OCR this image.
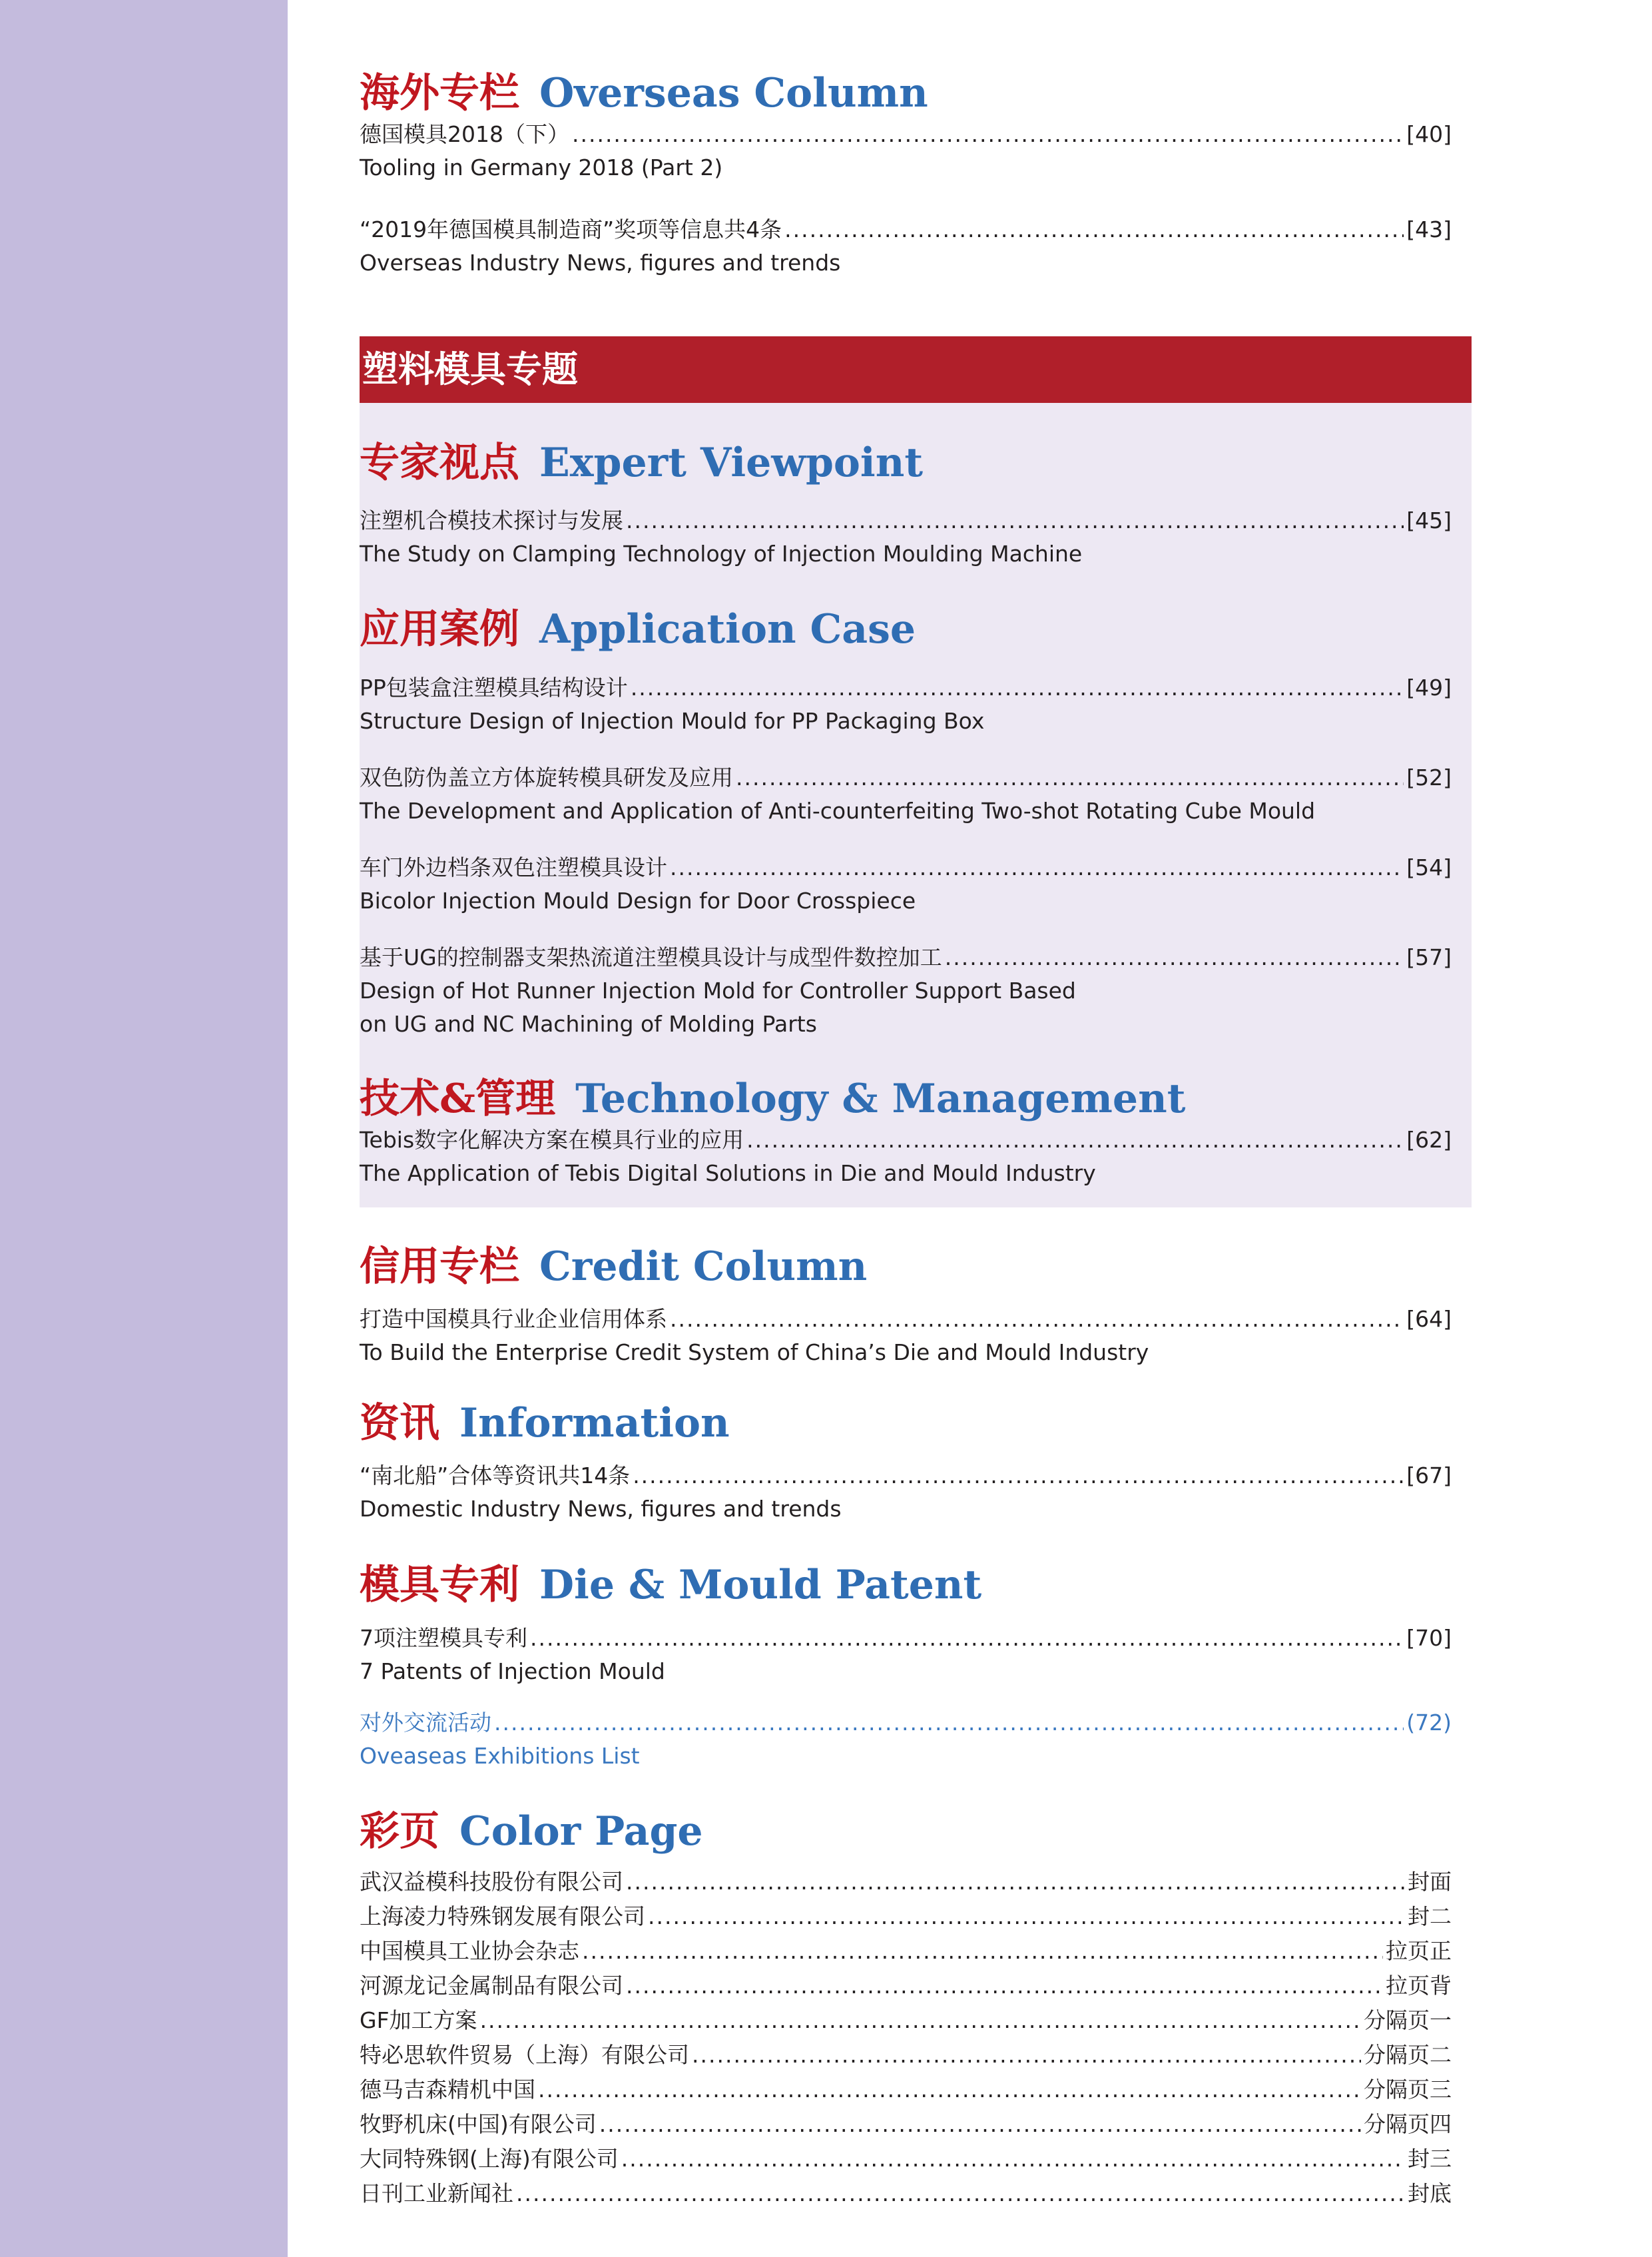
海外专栏 Overseas Column
德国模具2018（下） .....	[40]
Tooling in Germany 2018 (Part 2)
“2019年德国模具制造商”奖项等信息共4条 .....	[43]
Overseas Industry News, figures and trends
塑料模具专题
专家视点 Expert Viewpoint
注塑机合模技术探讨与发展 .....	[45]
The Study on Clamping Technology of Injection Moulding Machine
应用案例 Application Case
PP包装盒注塑模具结构设计 .....	[49]
Structure Design of Injection Mould for PP Packaging Box
双色防伪盖立方体旋转模具研发及应用 .....	[52]
The Development and Application of Anti-counterfeiting Two-shot Rotating Cube Mould
车门外边档条双色注塑模具设计 .....	[54]
Bicolor Injection Mould Design for Door Crosspiece
基于UG的控制器支架热流道注塑模具设计与成型件数控加工 .....	[57]
Design of Hot Runner Injection Mold for Controller Support Based
on UG and NC Machining of Molding Parts
技术&管理 Technology & Management
Tebis数字化解决方案在模具行业的应用 .....	[62]
The Application of Tebis Digital Solutions in Die and Mould Industry
信用专栏 Credit Column
打造中国模具行业企业信用体系 .....	[64]
To Build the Enterprise Credit System of China’s Die and Mould Industry
资讯 Information
“南北船”合体等资讯共14条 .....	[67]
Domestic Industry News, figures and trends
模具专利 Die & Mould Patent
7项注塑模具专利 .....	[70]
7 Patents of Injection Mould
对外交流活动 .....	(72)
Oveaseas Exhibitions List
彩页 Color Page
武汉益模科技股份有限公司 .....	封面
上海凌力特殊钢发展有限公司 .....	封二
中国模具工业协会杂志 .....	拉页正
河源龙记金属制品有限公司 .....	拉页背
GF加工方案 .....	分隔页一
特必思软件贸易（上海）有限公司 .....	分隔页二
德马吉森精机中国 .....	分隔页三
牧野机床(中国)有限公司 .....	分隔页四
大同特殊钢(上海)有限公司 .....	封三
日刊工业新闻社 .....	封底
